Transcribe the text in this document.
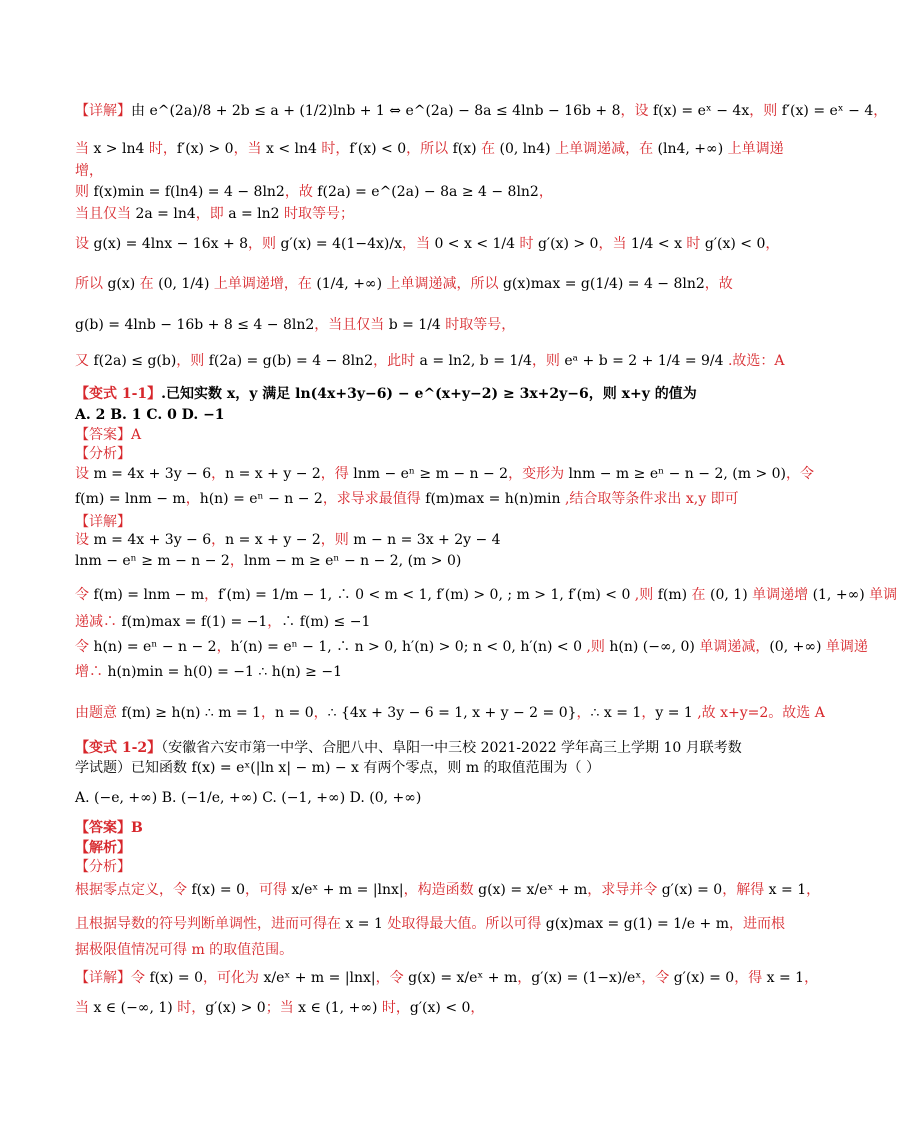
【详解】由 e^(2a)/8 + 2b ≤ a + (1/2)lnb + 1 ⇔ e^(2a) − 8a ≤ 4lnb − 16b + 8，设 f(x) = eˣ − 4x，则 f′(x) = eˣ − 4，
当 x > ln4 时，f′(x) > 0，当 x < ln4 时，f′(x) < 0，所以 f(x) 在 (0, ln4) 上单调递减，在 (ln4, +∞) 上单调递
增，
则 f(x)min = f(ln4) = 4 − 8ln2，故 f(2a) = e^(2a) − 8a ≥ 4 − 8ln2，
当且仅当 2a = ln4，即 a = ln2 时取等号；
设 g(x) = 4lnx − 16x + 8，则 g′(x) = 4(1−4x)/x，当 0 < x < 1/4 时 g′(x) > 0，当 1/4 < x 时 g′(x) < 0，
所以 g(x) 在 (0, 1/4) 上单调递增，在 (1/4, +∞) 上单调递减，所以 g(x)max = g(1/4) = 4 − 8ln2，故
g(b) = 4lnb − 16b + 8 ≤ 4 − 8ln2，当且仅当 b = 1/4 时取等号，
又 f(2a) ≤ g(b)，则 f(2a) = g(b) = 4 − 8ln2，此时 a = ln2, b = 1/4，则 eᵃ + b = 2 + 1/4 = 9/4 .故选：A
【变式 1-1】.已知实数 x，y 满足 ln(4x+3y−6) − e^(x+y−2) ≥ 3x+2y−6，则 x+y 的值为
A. 2 B. 1 C. 0 D. −1
【答案】A
【分析】
设 m = 4x + 3y − 6，n = x + y − 2，得 lnm − eⁿ ≥ m − n − 2，变形为 lnm − m ≥ eⁿ − n − 2, (m > 0)，令
f(m) = lnm − m，h(n) = eⁿ − n − 2，求导求最值得 f(m)max = h(n)min ,结合取等条件求出 x,y 即可
【详解】
设 m = 4x + 3y − 6，n = x + y − 2，则 m − n = 3x + 2y − 4
lnm − eⁿ ≥ m − n − 2，lnm − m ≥ eⁿ − n − 2, (m > 0)
令 f(m) = lnm − m，f′(m) = 1/m − 1, ∴ 0 < m < 1, f′(m) > 0, ; m > 1, f′(m) < 0 ,则 f(m) 在 (0, 1) 单调递增 (1, +∞) 单调
递减∴ f(m)max = f(1) = −1，∴ f(m) ≤ −1
令 h(n) = eⁿ − n − 2，h′(n) = eⁿ − 1, ∴ n > 0, h′(n) > 0; n < 0, h′(n) < 0 ,则 h(n) (−∞, 0) 单调递减，(0, +∞) 单调递
增∴ h(n)min = h(0) = −1 ∴ h(n) ≥ −1
由题意 f(m) ≥ h(n) ∴ m = 1，n = 0，∴ {4x + 3y − 6 = 1, x + y − 2 = 0}，∴ x = 1，y = 1 ,故 x+y=2。故选 A
【变式 1-2】（安徽省六安市第一中学、合肥八中、阜阳一中三校 2021-2022 学年高三上学期 10 月联考数
学试题）已知函数 f(x) = eˣ(|ln x| − m) − x 有两个零点，则 m 的取值范围为（ ）
A. (−e, +∞) B. (−1/e, +∞) C. (−1, +∞) D. (0, +∞)
【答案】B
【解析】
【分析】
根据零点定义，令 f(x) = 0，可得 x/eˣ + m = |lnx|，构造函数 g(x) = x/eˣ + m，求导并令 g′(x) = 0，解得 x = 1，
且根据导数的符号判断单调性，进而可得在 x = 1 处取得最大值。所以可得 g(x)max = g(1) = 1/e + m，进而根
据极限值情况可得 m 的取值范围。
【详解】令 f(x) = 0，可化为 x/eˣ + m = |lnx|，令 g(x) = x/eˣ + m，g′(x) = (1−x)/eˣ，令 g′(x) = 0，得 x = 1，
当 x ∈ (−∞, 1) 时，g′(x) > 0；当 x ∈ (1, +∞) 时，g′(x) < 0，
